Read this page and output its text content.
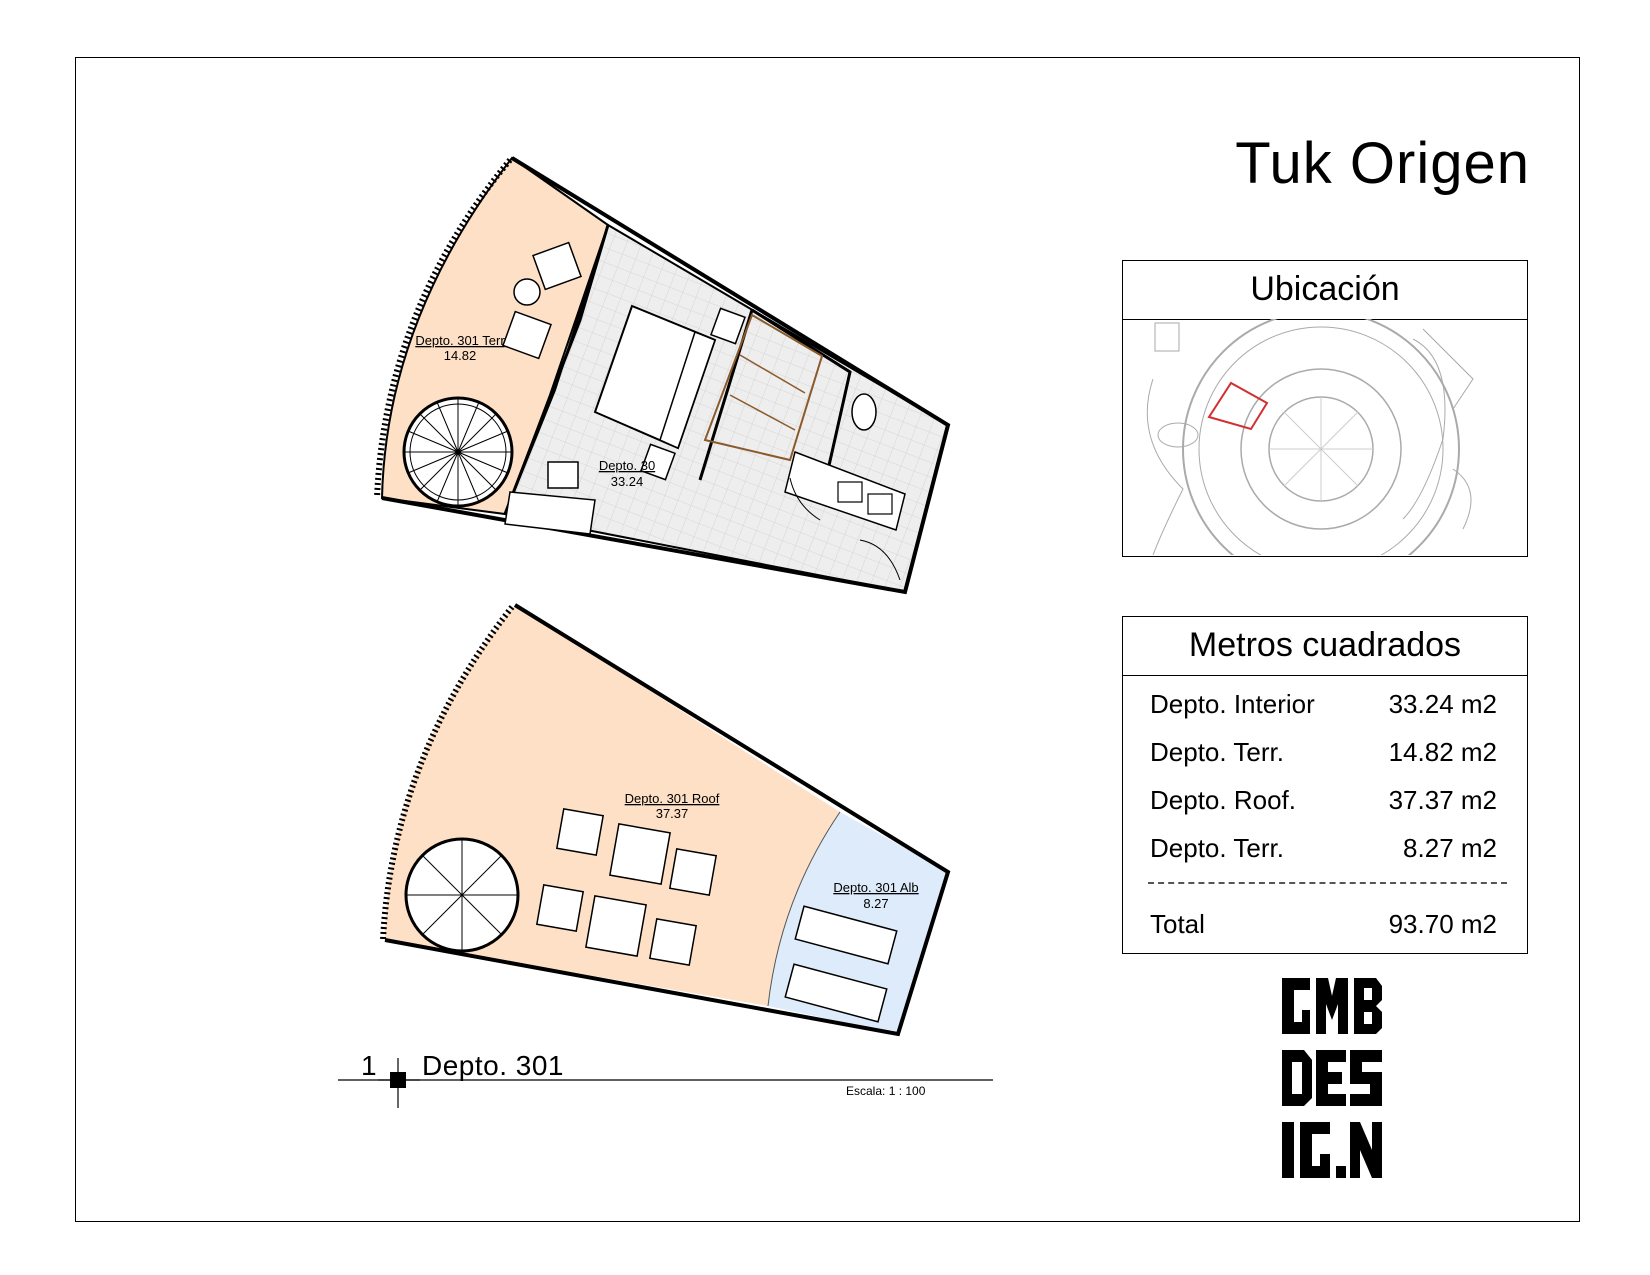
Tuk Origen
Depto. 301 Terr
14.82
Depto. 30
33.24
Depto. 301 Roof
37.37
Depto. 301 Alb
8.27
1 Depto. 301
Escala: 1 : 100
Ubicación
Metros cuadrados
Depto. Interior	33.24 m2
Depto. Terr.	14.82 m2
Depto. Roof.	37.37 m2
Depto. Terr.	8.27 m2
Total	93.70 m2
